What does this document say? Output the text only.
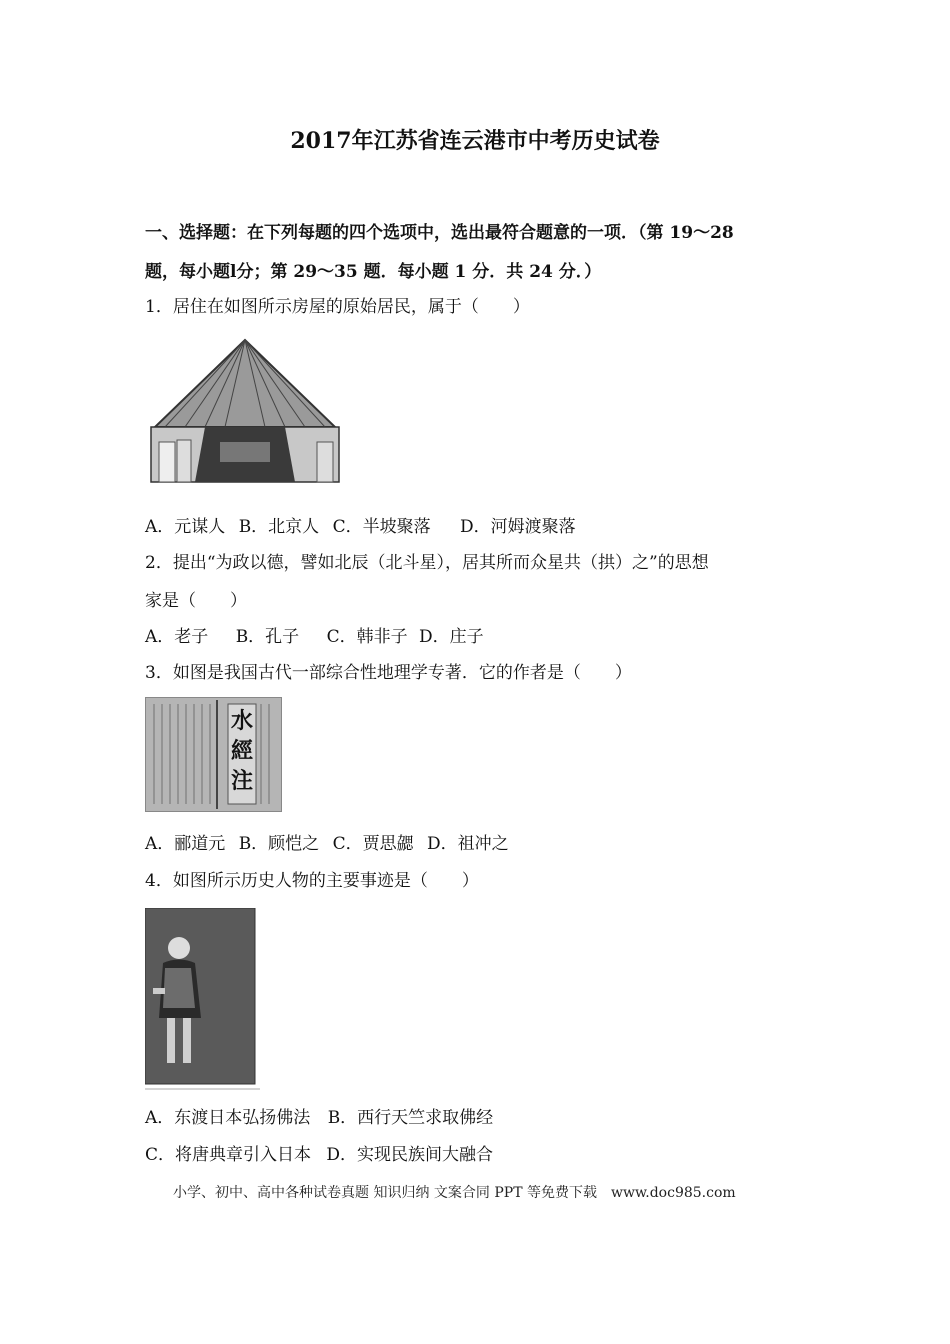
2017年江苏省连云港市中考历史试卷
一、选择题：在下列每题的四个选项中，选出最符合题意的一项．（第 19～28
题，每小题l分；第 29～35 题．每小题 1 分．共 24 分．）
1．居住在如图所示房屋的原始居民，属于（　　）
A．元谋人 B．北京人 C．半坡聚落 D．河姆渡聚落
2．提出“为政以德，譬如北辰（北斗星），居其所而众星共（拱）之”的思想
家是（　　）
A．老子 B．孔子 C．韩非子 D．庄子
3．如图是我国古代一部综合性地理学专著．它的作者是（　　）
水
經
注
A．郦道元 B．顾恺之 C．贾思勰 D．祖冲之
4．如图所示历史人物的主要事迹是（　　）
A．东渡日本弘扬佛法 B．西行天竺求取佛经
C．将唐典章引入日本 D．实现民族间大融合
小学、初中、高中各种试卷真题 知识归纳 文案合同 PPT 等免费下载　www.doc985.com
